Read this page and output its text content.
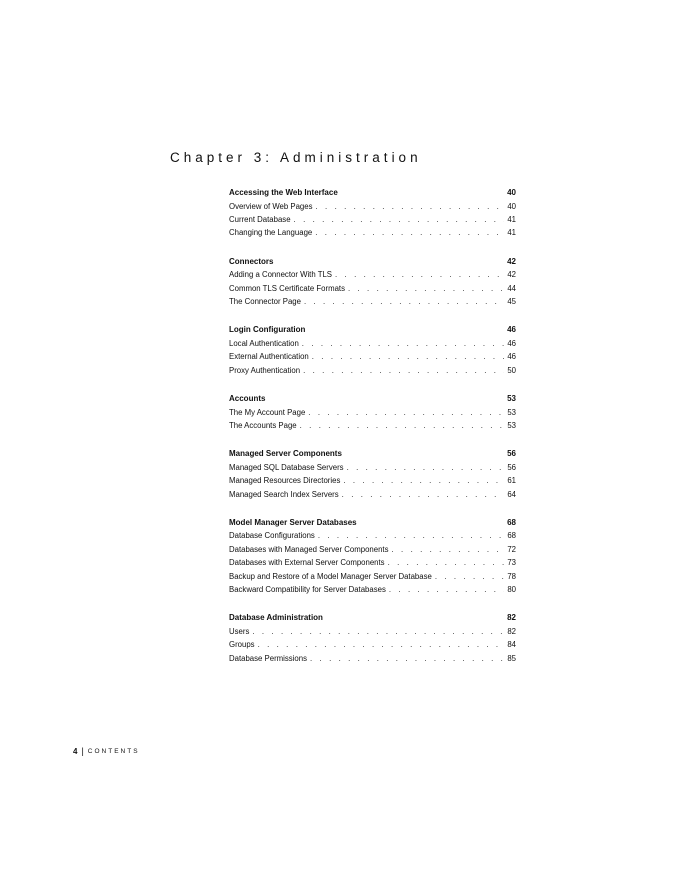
Chapter 3: Administration
Accessing the Web Interface	40
Overview of Web Pages . . .	40
Current Database . . .	41
Changing the Language . . .	41
Connectors	42
Adding a Connector With TLS . . .	42
Common TLS Certificate Formats . . .	44
The Connector Page . . .	45
Login Configuration	46
Local Authentication . . .	46
External Authentication . . .	46
Proxy Authentication . . .	50
Accounts	53
The My Account Page . . .	53
The Accounts Page . . .	53
Managed Server Components	56
Managed SQL Database Servers . . .	56
Managed Resources Directories . . .	61
Managed Search Index Servers . . .	64
Model Manager Server Databases	68
Database Configurations . . .	68
Databases with Managed Server Components . . .	72
Databases with External Server Components . . .	73
Backup and Restore of a Model Manager Server Database . . .	78
Backward Compatibility for Server Databases . . .	80
Database Administration	82
Users . . .	82
Groups . . .	84
Database Permissions . . .	85
4 | CONTENTS
